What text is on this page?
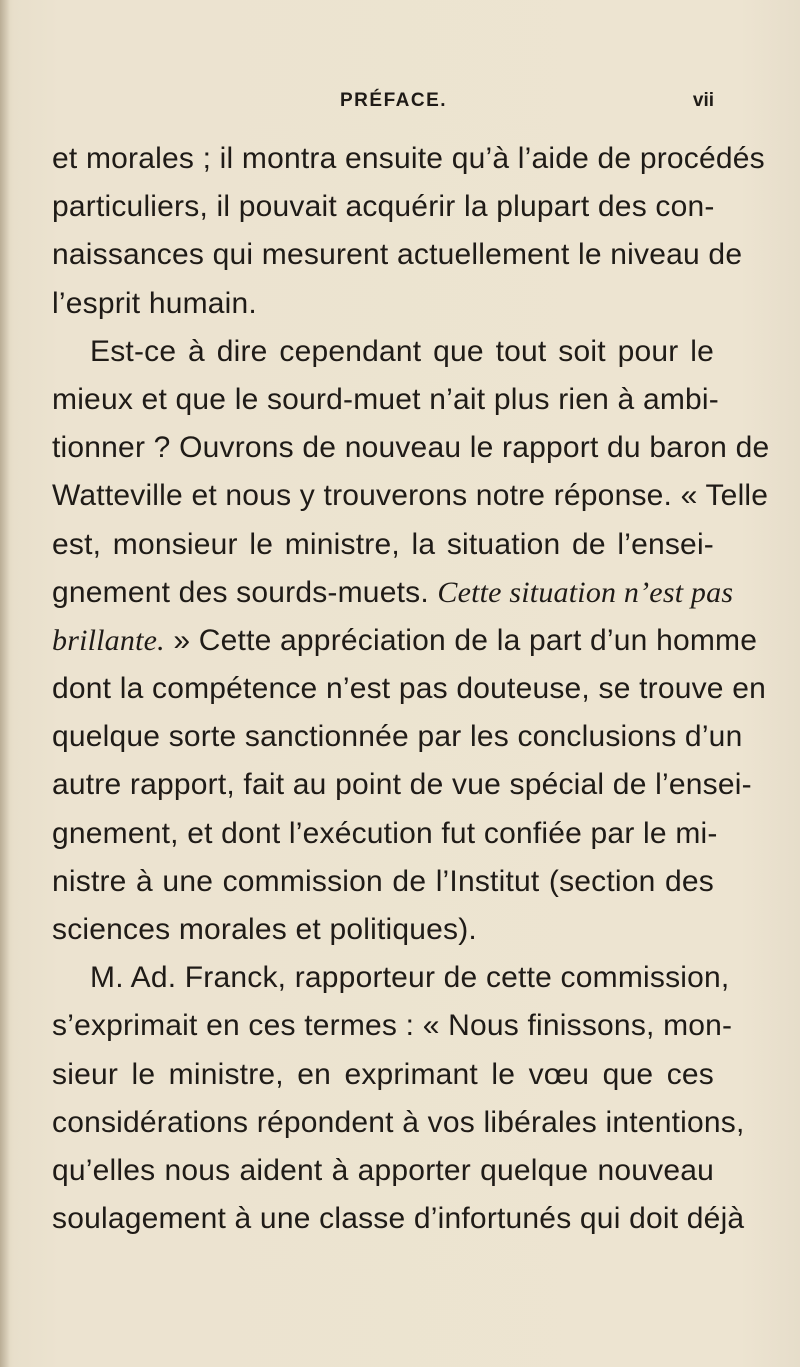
PRÉFACE.	vii
et morales ; il montra ensuite qu’à l’aide de procédés
particuliers, il pouvait acquérir la plupart des con-
naissances qui mesurent actuellement le niveau de
l’esprit humain.
Est-ce à dire cependant que tout soit pour le
mieux et que le sourd-muet n’ait plus rien à ambi-
tionner ? Ouvrons de nouveau le rapport du baron de
Watteville et nous y trouverons notre réponse. « Telle
est, monsieur le ministre, la situation de l’ensei-
gnement des sourds-muets. Cette situation n’est pas
brillante. » Cette appréciation de la part d’un homme
dont la compétence n’est pas douteuse, se trouve en
quelque sorte sanctionnée par les conclusions d’un
autre rapport, fait au point de vue spécial de l’ensei-
gnement, et dont l’exécution fut confiée par le mi-
nistre à une commission de l’Institut (section des
sciences morales et politiques).
M. Ad. Franck, rapporteur de cette commission,
s’exprimait en ces termes : « Nous finissons, mon-
sieur le ministre, en exprimant le vœu que ces
considérations répondent à vos libérales intentions,
qu’elles nous aident à apporter quelque nouveau
soulagement à une classe d’infortunés qui doit déjà
